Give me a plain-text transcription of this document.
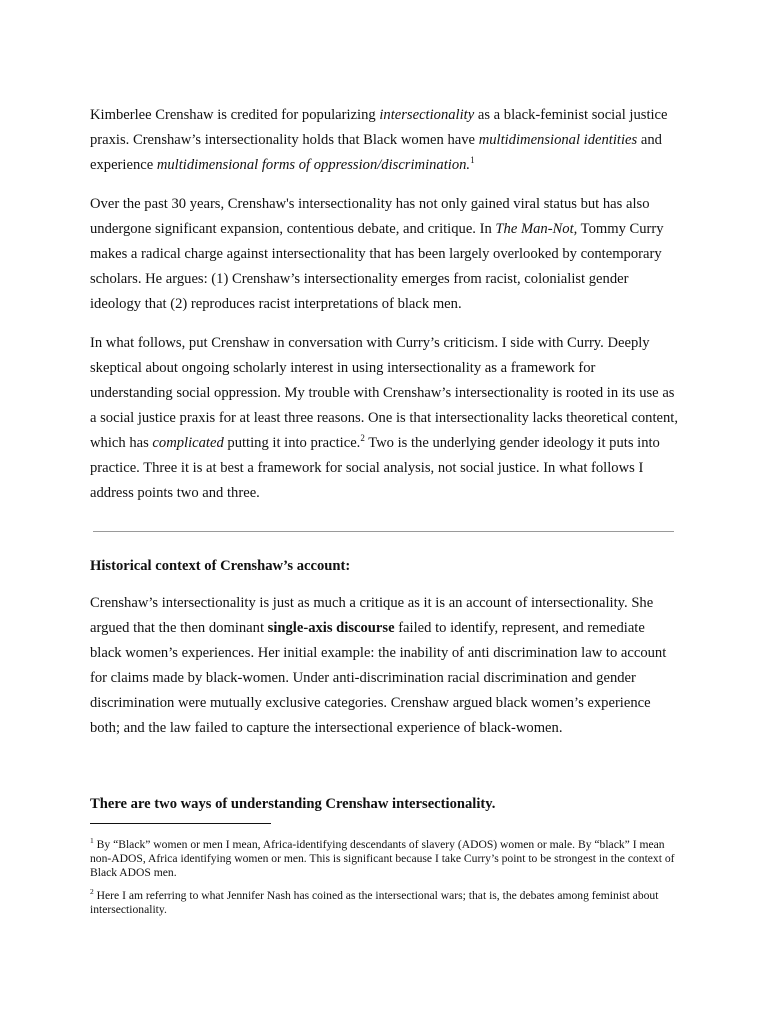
Kimberlee Crenshaw is credited for popularizing intersectionality as a black-feminist social justice praxis. Crenshaw’s intersectionality holds that Black women have multidimensional identities and experience multidimensional forms of oppression/discrimination.$^1$

Over the past 30 years, Crenshaw's intersectionality has not only gained viral status but has also undergone significant expansion, contentious debate, and critique. In The Man-Not, Tommy Curry makes a radical charge against intersectionality that has been largely overlooked by contemporary scholars. He argues: (1) Crenshaw’s intersectionality emerges from racist, colonialist gender ideology that (2) reproduces racist interpretations of black men.

In what follows, put Crenshaw in conversation with Curry’s criticism. I side with Curry. Deeply skeptical about ongoing scholarly interest in using intersectionality as a framework for understanding social oppression. My trouble with Crenshaw’s intersectionality is rooted in its use as a social justice praxis for at least three reasons. One is that intersectionality lacks theoretical content, which has complicated putting it into practice.$^2$ Two is the underlying gender ideology it puts into practice. Three it is at best a framework for social analysis, not social justice. In what follows I address points two and three.

Historical context of Crenshaw’s account:

Crenshaw’s intersectionality is just as much a critique as it is an account of intersectionality. She argued that the then dominant single-axis discourse failed to identify, represent, and remediate black women’s experiences. Her initial example: the inability of anti discrimination law to account for claims made by black-women. Under anti-discrimination racial discrimination and gender discrimination were mutually exclusive categories. Crenshaw argued black women’s experience both; and the law failed to capture the intersectional experience of black-women.

There are two ways of understanding Crenshaw intersectionality.

$^1$ By “Black” women or men I mean, Africa-identifying descendants of slavery (ADOS) women or male. By “black” I mean non-ADOS, Africa identifying women or men. This is significant because I take Curry’s point to be strongest in the context of Black ADOS men.

$^2$ Here I am referring to what Jennifer Nash has coined as the intersectional wars; that is, the debates among feminist about intersectionality.
